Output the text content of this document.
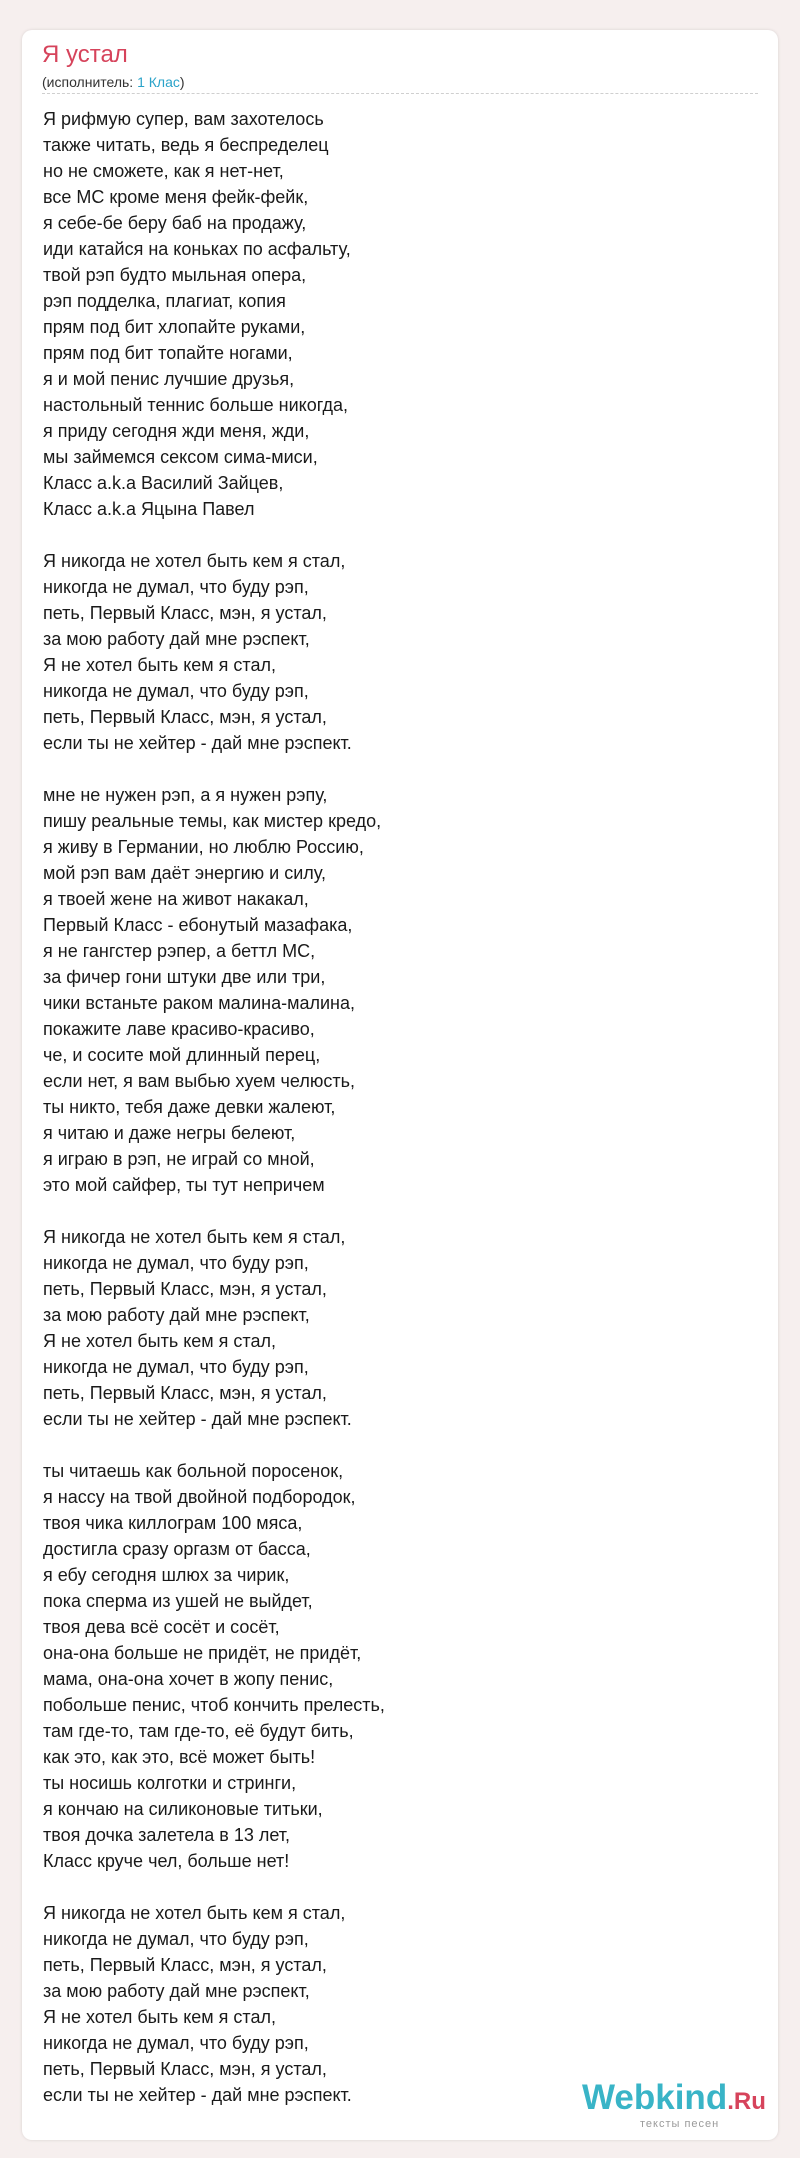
Я устал
(исполнитель: 1 Клас)
Я рифмую супер, вам захотелось
также читать, ведь я беспределец
но не сможете, как я нет-нет,
все МС кроме меня фейк-фейк,
я себе-бе беру баб на продажу,
иди катайся на коньках по асфальту,
твой рэп будто мыльная опера,
рэп подделка, плагиат, копия
прям под бит хлопайте руками,
прям под бит топайте ногами,
я и мой пенис лучшие друзья,
настольный теннис больше никогда,
я приду сегодня жди меня, жди,
мы займемся сексом сима-миси,
Класс а.k.a Василий Зайцев,
Класс а.k.a Яцына Павел
Я никогда не хотел быть кем я стал,
никогда не думал, что буду рэп,
петь, Первый Класс, мэн, я устал,
за мою работу дай мне рэспект,
Я не хотел быть кем я стал,
никогда не думал, что буду рэп,
петь, Первый Класс, мэн, я устал,
если ты не хейтер - дай мне рэспект.
мне не нужен рэп, а я нужен рэпу,
пишу реальные темы, как мистер кредо,
я живу в Германии, но люблю Россию,
мой рэп вам даёт энергию и силу,
я твоей жене на живот накакал,
Первый Класс - ебонутый мазафака,
я не гангстер рэпер, а беттл МС,
за фичер гони штуки две или три,
чики встаньте раком малина-малина,
покажите лаве красиво-красиво,
че, и сосите мой длинный перец,
если нет, я вам выбью хуем челюсть,
ты никто, тебя даже девки жалеют,
я читаю и даже негры белеют,
я играю в рэп, не играй со мной,
это мой сайфер, ты тут непричем
Я никогда не хотел быть кем я стал,
никогда не думал, что буду рэп,
петь, Первый Класс, мэн, я устал,
за мою работу дай мне рэспект,
Я не хотел быть кем я стал,
никогда не думал, что буду рэп,
петь, Первый Класс, мэн, я устал,
если ты не хейтер - дай мне рэспект.
ты читаешь как больной поросенок,
я нассу на твой двойной подбородок,
твоя чика киллограм 100 мяса,
достигла сразу оргазм от басса,
я ебу сегодня шлюх за чирик,
пока сперма из ушей не выйдет,
твоя дева всё сосёт и сосёт,
она-она больше не придёт, не придёт,
мама, она-она хочет в жопу пенис,
побольше пенис, чтоб кончить прелесть,
там где-то, там где-то, её будут бить,
как это, как это, всё может быть!
ты носишь колготки и стринги,
я кончаю на силиконовые титьки,
твоя дочка залетела в 13 лет,
Класс круче чел, больше нет!
Я никогда не хотел быть кем я стал,
никогда не думал, что буду рэп,
петь, Первый Класс, мэн, я устал,
за мою работу дай мне рэспект,
Я не хотел быть кем я стал,
никогда не думал, что буду рэп,
петь, Первый Класс, мэн, я устал,
если ты не хейтер - дай мне рэспект.	Webkind.Ru
тексты песен
